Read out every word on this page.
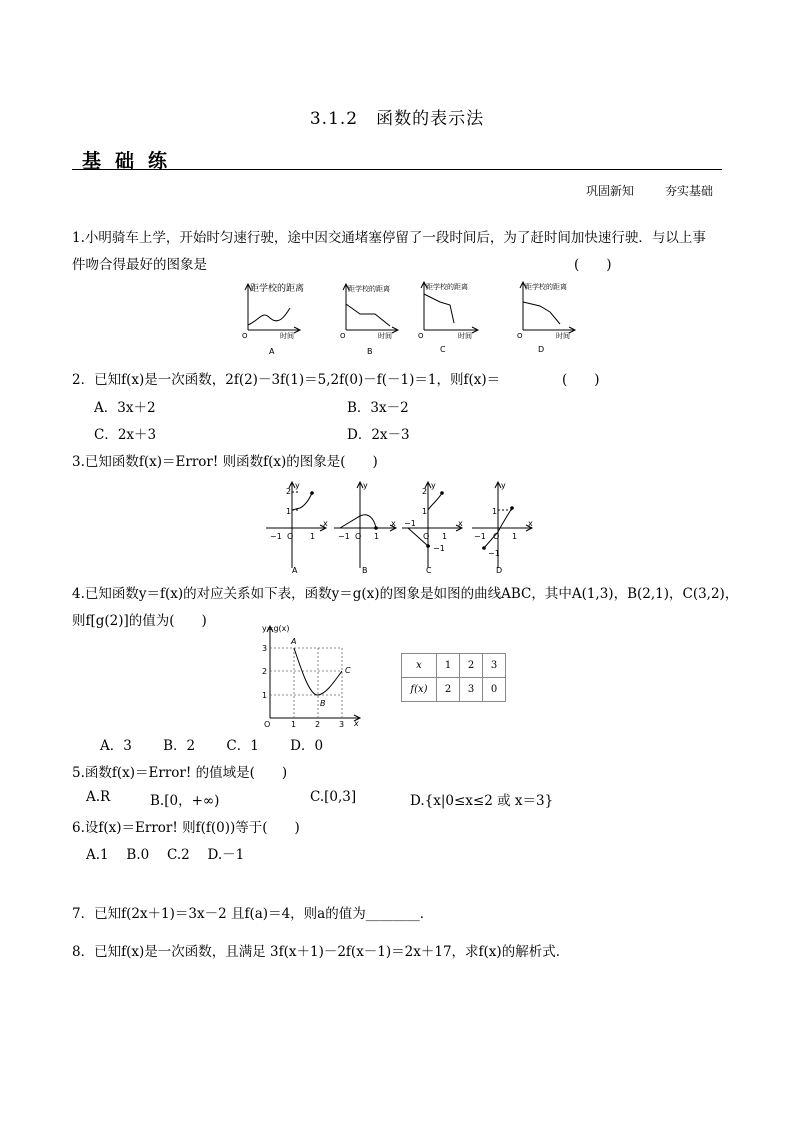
3.1.2　函数的表示法
基础练
巩固新知	夯实基础
1.小明骑车上学，开始时匀速行驶，途中因交通堵塞停留了一段时间后，为了赶时间加快速行驶．与以上事
件吻合得最好的图象是	(　　)
距学校的距离
时间
O
距学校的距离
时间
O
距学校的距离
时间
O
距学校的距离
时间
O
A	B	C	D
2．已知f(x)是一次函数，2f(2)－3f(1)＝5,2f(0)－f(－1)＝1，则f(x)＝	(　　)
A．3x＋2	B．3x－2
C．2x＋3	D．2x－3
3.已知函数f(x)＝Error! 则函数f(x)的图象是(　　)
2
1
y
−1 O 1
x
y
−1 O 1
x
2
1
y
−1
O
−1
1
x
1
y
−1 O
−1
1
x
A	B	C	D
4.已知函数y＝f(x)的对应关系如下表，函数y＝g(x)的图象是如图的曲线ABC，其中A(1,3)，B(2,1)，C(3,2)，
则f[g(2)]的值为(　　)	y=g(x)
A
B
C
3
2
1
O	1 2 3 x
x	1	2	3
f(x)	2	3	0
A．3　　 B．2　　 C．1　　 D．0
5.函数f(x)＝Error! 的值域是(　　)
A.R	B.[0，+∞)	C.[0,3]	D.{x|0≤x≤2 或 x＝3}
6.设f(x)＝Error! 则f(f(0))等于(　　)
A.1　 B.0　 C.2　 D.－1
7．已知f(2x＋1)＝3x－2 且f(a)＝4，则a的值为________．
8．已知f(x)是一次函数，且满足 3f(x＋1)－2f(x－1)＝2x＋17，求f(x)的解析式．
